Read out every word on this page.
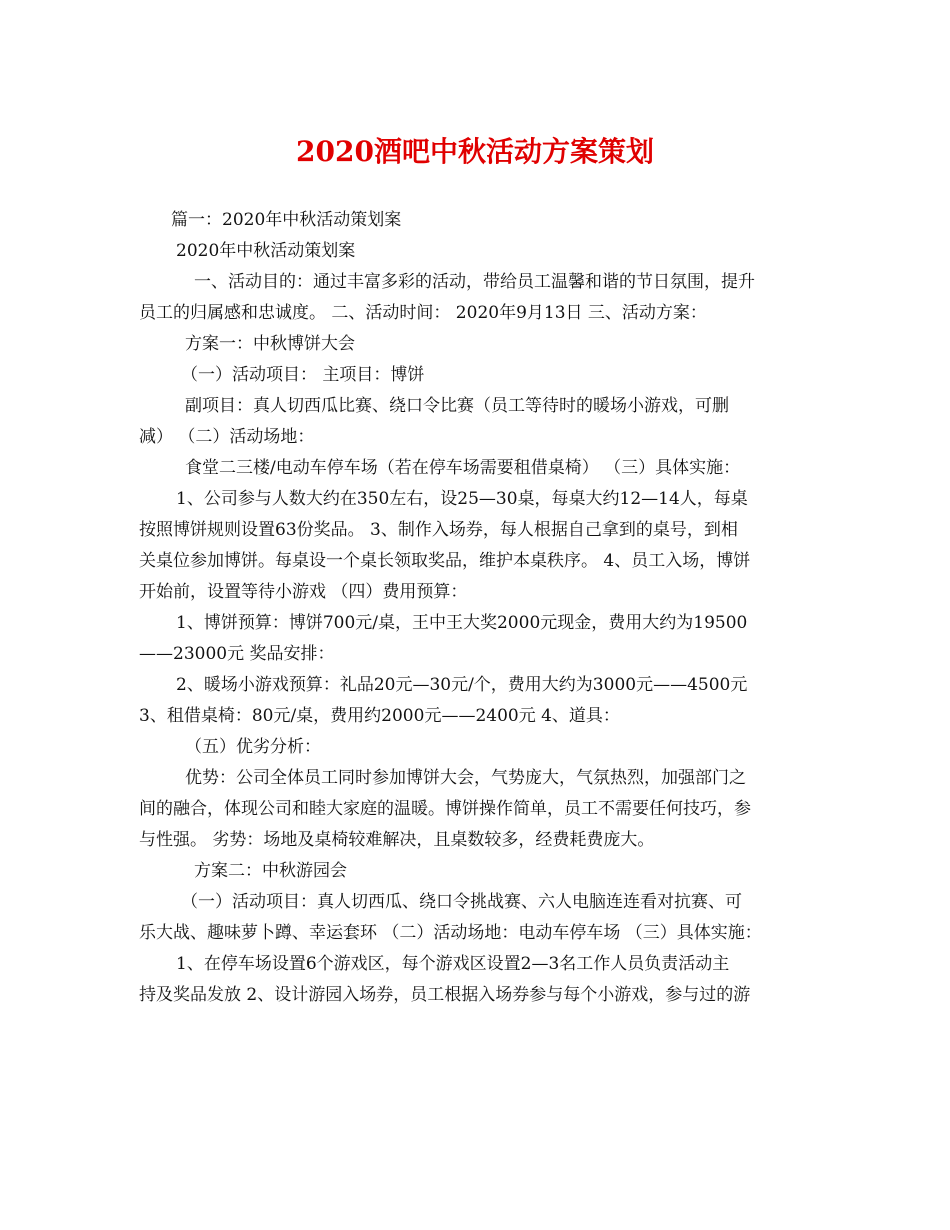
2020酒吧中秋活动方案策划
篇一：2020年中秋活动策划案
2020年中秋活动策划案
一、活动目的：通过丰富多彩的活动，带给员工温馨和谐的节日氛围，提升
员工的归属感和忠诚度。 二、活动时间： 2020年9月13日 三、活动方案：
方案一：中秋博饼大会
（一）活动项目： 主项目：博饼
副项目：真人切西瓜比赛、绕口令比赛（员工等待时的暖场小游戏，可删
减） （二）活动场地：
食堂二三楼/电动车停车场（若在停车场需要租借桌椅） （三）具体实施：
1、公司参与人数大约在350左右，设25—30桌，每桌大约12—14人，每桌
按照博饼规则设置63份奖品。 3、制作入场券，每人根据自己拿到的桌号，到相
关桌位参加博饼。每桌设一个桌长领取奖品，维护本桌秩序。 4、员工入场，博饼
开始前，设置等待小游戏 （四）费用预算：
1、博饼预算：博饼700元/桌，王中王大奖2000元现金，费用大约为19500
——23000元 奖品安排：
2、暖场小游戏预算：礼品20元—30元/个，费用大约为3000元——4500元
3、租借桌椅：80元/桌，费用约2000元——2400元 4、道具：
（五）优劣分析：
优势：公司全体员工同时参加博饼大会，气势庞大，气氛热烈，加强部门之
间的融合，体现公司和睦大家庭的温暖。博饼操作简单，员工不需要任何技巧，参
与性强。 劣势：场地及桌椅较难解决，且桌数较多，经费耗费庞大。
方案二：中秋游园会
（一）活动项目：真人切西瓜、绕口令挑战赛、六人电脑连连看对抗赛、可
乐大战、趣味萝卜蹲、幸运套环 （二）活动场地：电动车停车场 （三）具体实施：
1、在停车场设置6个游戏区，每个游戏区设置2—3名工作人员负责活动主
持及奖品发放 2、设计游园入场券，员工根据入场券参与每个小游戏，参与过的游
